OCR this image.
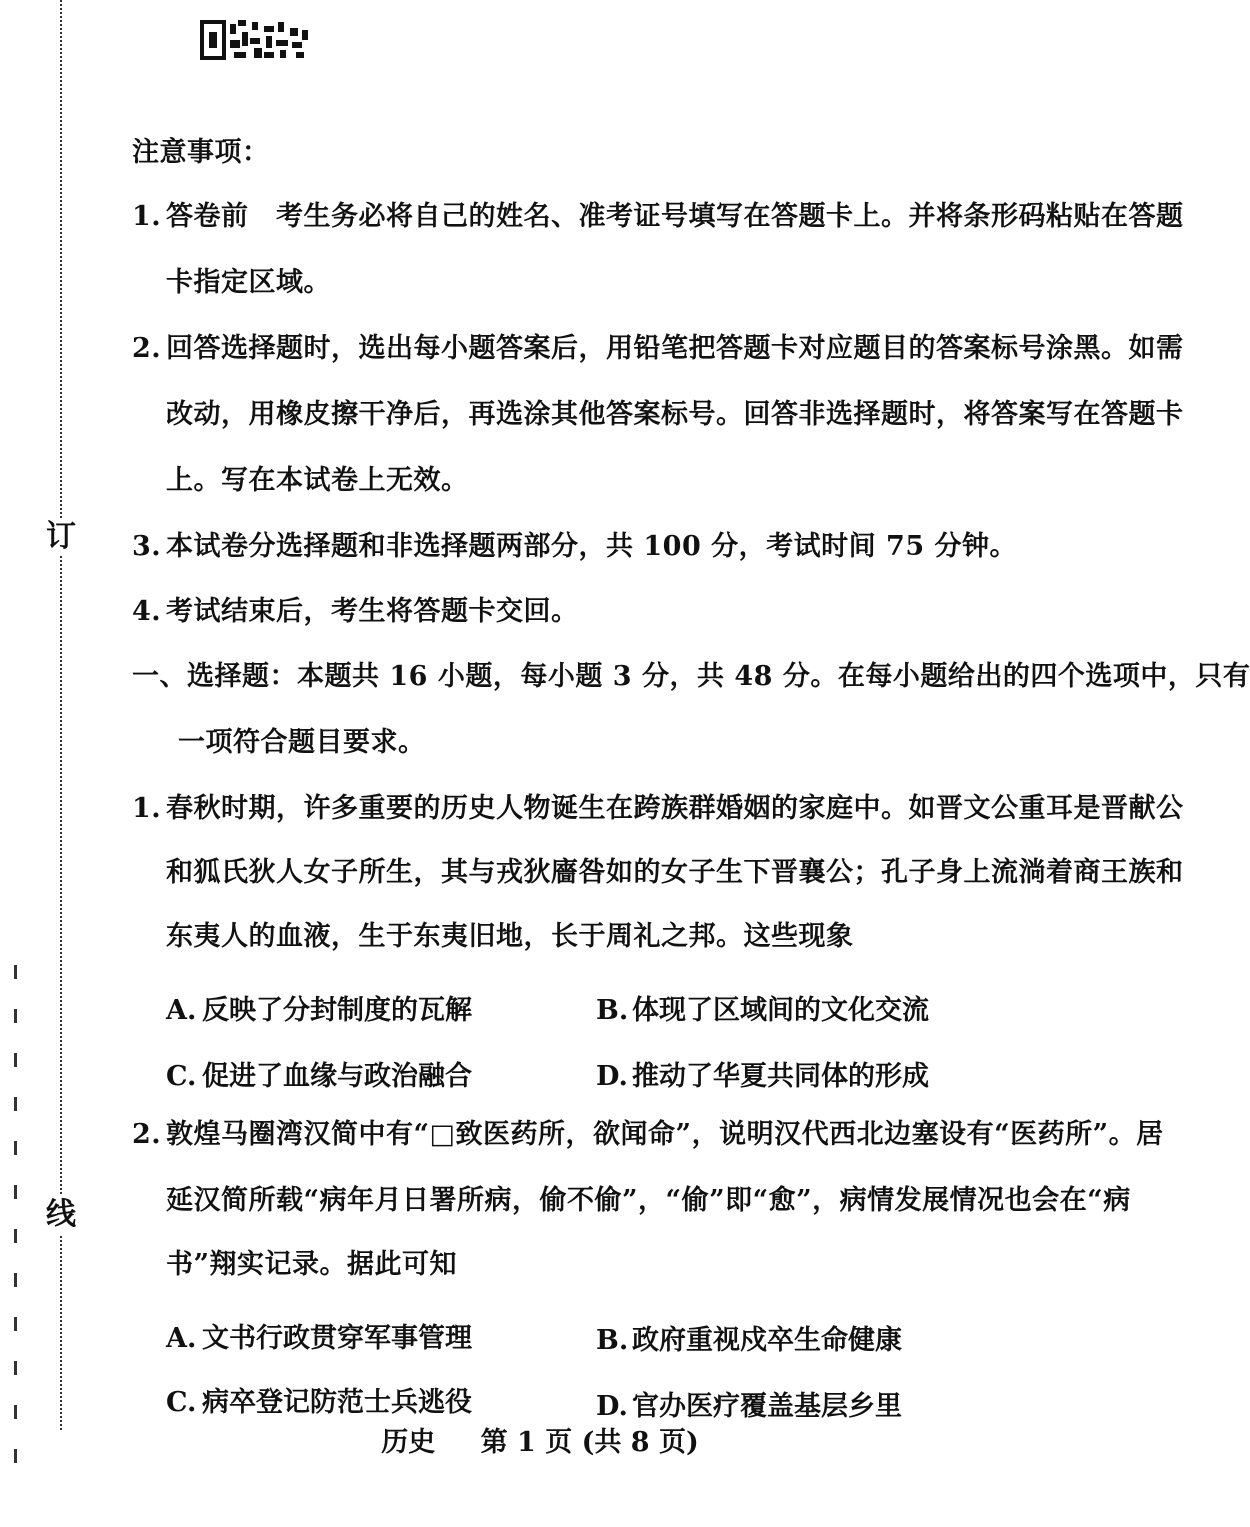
订
线
注意事项：
1. 答卷前　考生务必将自己的姓名、准考证号填写在答题卡上。并将条形码粘贴在答题
卡指定区域。
2. 回答选择题时，选出每小题答案后，用铅笔把答题卡对应题目的答案标号涂黑。如需
改动，用橡皮擦干净后，再选涂其他答案标号。回答非选择题时，将答案写在答题卡
上。写在本试卷上无效。
3. 本试卷分选择题和非选择题两部分，共 100 分，考试时间 75 分钟。
4. 考试结束后，考生将答题卡交回。
一、选择题：本题共 16 小题，每小题 3 分，共 48 分。在每小题给出的四个选项中，只有
一项符合题目要求。
1. 春秋时期，许多重要的历史人物诞生在跨族群婚姻的家庭中。如晋文公重耳是晋献公
和狐氏狄人女子所生，其与戎狄廧咎如的女子生下晋襄公；孔子身上流淌着商王族和
东夷人的血液，生于东夷旧地，长于周礼之邦。这些现象
A. 反映了分封制度的瓦解	B. 体现了区域间的文化交流
C. 促进了血缘与政治融合	D. 推动了华夏共同体的形成
2. 敦煌马圈湾汉简中有“□致医药所，欲闻命”，说明汉代西北边塞设有“医药所”。居
延汉简所载“病年月日署所病，偷不偷”，“偷”即“愈”，病情发展情况也会在“病
书”翔实记录。据此可知
A. 文书行政贯穿军事管理	B. 政府重视戍卒生命健康
C. 病卒登记防范士兵逃役	D. 官办医疗覆盖基层乡里
历史 第 1 页 (共 8 页)
